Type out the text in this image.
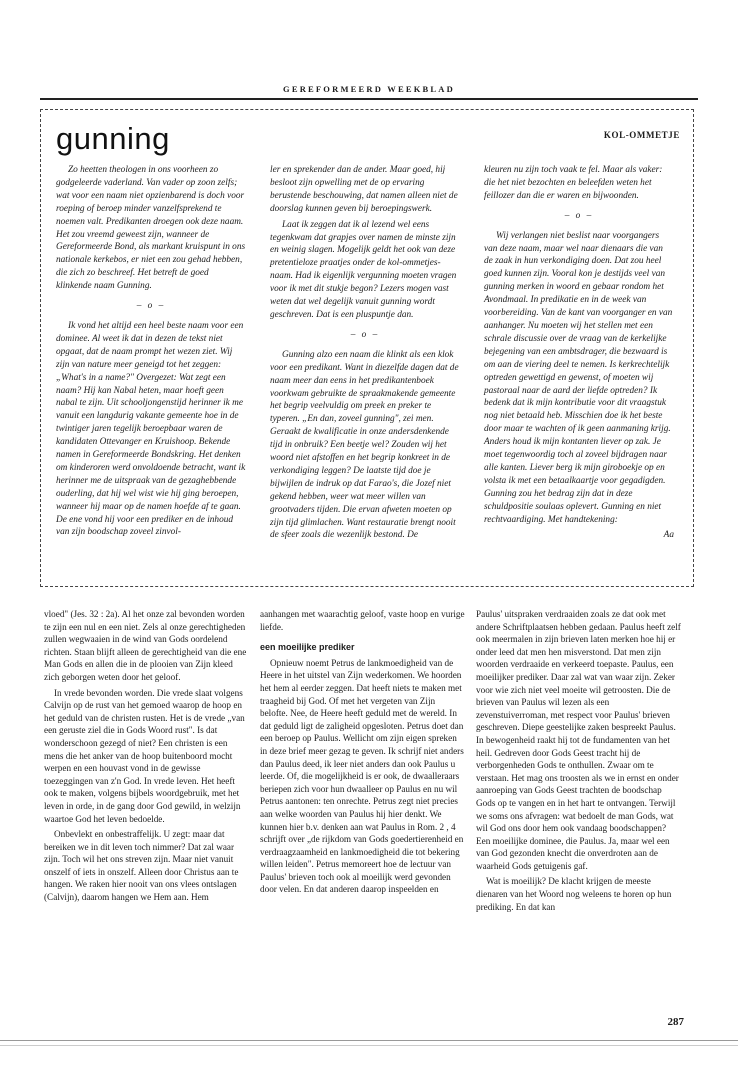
GEREFORMEERD WEEKBLAD
gunning	KOL-OMMETJE

Zo heetten theologen in ons voorheen zo godgeleerde vaderland. Van vader op zoon zelfs; wat voor een naam niet opzienbarend is doch voor roeping of beroep minder vanzelfsprekend te noemen valt. Predikanten droegen ook deze naam. Het zou vreemd geweest zijn, wanneer de Gereformeerde Bond, als markant kruispunt in ons nationale kerkebos, er niet een zou gehad hebben, die zich zo beschreef. Het betreft de goed klinkende naam Gunning.

– o –

Ik vond het altijd een heel beste naam voor een dominee. Al weet ik dat in dezen de tekst niet opgaat, dat de naam prompt het wezen ziet. Wij zijn van nature meer geneigd tot het zeggen: „What's in a name?" Overgezet: Wat zegt een naam? Hij kan Nabal heten, maar hoeft geen nabal te zijn. Uit schooljongenstijd herinner ik me vanuit een langdurig vakante gemeente hoe in de twintiger jaren tegelijk beroepbaar waren de kandidaten Ottevanger en Kruishoop. Bekende namen in Gereformeerde Bondskring. Het denken om kinderoren werd onvoldoende betracht, want ik herinner me de uitspraak van de gezaghebbende ouderling, dat hij wel wist wie hij ging beroepen, wanneer hij maar op de namen hoefde af te gaan. De ene vond hij voor een prediker en de inhoud van zijn boodschap zoveel zinvol-

ler en sprekender dan de ander. Maar goed, hij besloot zijn opwelling met de op ervaring berustende beschouwing, dat namen alleen niet de doorslag kunnen geven bij beroepingswerk.

Laat ik zeggen dat ik al lezend wel eens tegenkwam dat grapjes over namen de minste zijn en weinig slagen. Mogelijk geldt het ook van deze pretentieloze praatjes onder de kol-ommetjes-naam. Had ik eigenlijk vergunning moeten vragen voor ik met dit stukje begon? Lezers mogen vast weten dat wel degelijk vanuit gunning wordt geschreven. Dat is een pluspuntje dan.

– o –

Gunning alzo een naam die klinkt als een klok voor een predikant. Want in diezelfde dagen dat de naam meer dan eens in het predikantenboek voorkwam gebruikte de spraakmakende gemeente het begrip veelvuldig om preek en preker te typeren. „En dan, zoveel gunning", zei men. Geraakt de kwalificatie in onze andersdenkende tijd in onbruik? Een beetje wel? Zouden wij het woord niet afstoffen en het begrip konkreet in de verkondiging leggen? De laatste tijd doe je bijwijlen de indruk op dat Farao's, die Jozef niet gekend hebben, weer wat meer willen van grootvaders tijden. Die ervan afweten moeten op zijn tijd glimlachen. Want restauratie brengt nooit de sfeer zoals die wezenlijk bestond. De

kleuren nu zijn toch vaak te fel. Maar als vaker: die het niet bezochten en beleefden weten het feillozer dan die er waren en bijwoonden.

– o –

Wij verlangen niet beslist naar voorgangers van deze naam, maar wel naar dienaars die van de zaak in hun verkondiging doen. Dat zou heel goed kunnen zijn. Vooral kon je destijds veel van gunning merken in woord en gebaar rondom het Avondmaal. In predikatie en in de week van voorbereiding. Van de kant van voorganger en van aanhanger. Nu moeten wij het stellen met een schrale discussie over de vraag van de kerkelijke bejegening van een ambtsdrager, die bezwaard is om aan de viering deel te nemen. Is kerkrechtelijk optreden gewettigd en gewenst, of moeten wij pastoraal naar de aard der liefde optreden? Ik bedenk dat ik mijn kontributie voor dit vraagstuk nog niet betaald heb. Misschien doe ik het beste door maar te wachten of ik geen aanmaning krijg. Anders houd ik mijn kontanten liever op zak. Je moet tegenwoordig toch al zoveel bijdragen naar alle kanten. Liever berg ik mijn giroboekje op en volsta ik met een betaalkaartje voor gegadigden. Gunning zou het bedrag zijn dat in deze schuldpositie soulaas oplevert. Gunning en niet rechtvaardiging. Met handtekening:

Aa

vloed" (Jes. 32 : 2a). Al het onze zal bevonden worden te zijn een nul en een niet. Zels al onze gerechtigheden zullen wegwaaien in de wind van Gods oordelend richten. Staan blijft alleen de gerechtigheid van die ene Man Gods en allen die in de plooien van Zijn kleed zich geborgen weten door het geloof.

In vrede bevonden worden. Die vrede slaat volgens Calvijn op de rust van het gemoed waarop de hoop en het geduld van de christen rusten. Het is de vrede „van een geruste ziel die in Gods Woord rust". Is dat wonderschoon gezegd of niet? Een christen is een mens die het anker van de hoop buitenboord mocht werpen en een houvast vond in de gewisse toezeggingen van z'n God. In vrede leven. Het heeft ook te maken, volgens bijbels woordgebruik, met het leven in orde, in de gang door God gewild, in welzijn waartoe God het leven bedoelde.

Onbevlekt en onbestraffelijk. U zegt: maar dat bereiken we in dit leven toch nimmer? Dat zal waar zijn. Toch wil het ons streven zijn. Maar niet vanuit onszelf of iets in onszelf. Alleen door Christus aan te hangen. We raken hier nooit van ons vlees ontslagen (Calvijn), daarom hangen we Hem aan. Hem

aanhangen met waarachtig geloof, vaste hoop en vurige liefde.

een moeilijke prediker

Opnieuw noemt Petrus de lankmoedigheid van de Heere in het uitstel van Zijn wederkomen. We hoorden het hem al eerder zeggen. Dat heeft niets te maken met traagheid bij God. Of met het vergeten van Zijn belofte. Nee, de Heere heeft geduld met de wereld. In dat geduld ligt de zaligheid opgesloten. Petrus doet dan een beroep op Paulus. Wellicht om zijn eigen spreken in deze brief meer gezag te geven. Ik schrijf niet anders dan Paulus deed, ik leer niet anders dan ook Paulus u leerde. Of, die mogelijkheid is er ook, de dwaalleraars beriepen zich voor hun dwaalleer op Paulus en nu wil Petrus aantonen: ten onrechte. Petrus zegt niet precies aan welke woorden van Paulus hij hier denkt. We kunnen hier b.v. denken aan wat Paulus in Rom. 2 , 4 schrijft over „de rijkdom van Gods goedertierenheid en verdraagzaamheid en lankmoedigheid die tot bekering willen leiden". Petrus memoreert hoe de lectuur van Paulus' brieven toch ook al moeilijk werd gevonden door velen. En dat anderen daarop inspeelden en

Paulus' uitspraken verdraaiden zoals ze dat ook met andere Schriftplaatsen hebben gedaan. Paulus heeft zelf ook meermalen in zijn brieven laten merken hoe hij er onder leed dat men hen misverstond. Dat men zijn woorden verdraaide en verkeerd toepaste. Paulus, een moeilijker prediker. Daar zal wat van waar zijn. Zeker voor wie zich niet veel moeite wil getroosten. Die de brieven van Paulus wil lezen als een zevenstuiverroman, met respect voor Paulus' brieven geschreven. Diepe geestelijke zaken bespreekt Paulus. In bewogenheid raakt hij tot de fundamenten van het heil. Gedreven door Gods Geest tracht hij de verborgenheden Gods te onthullen. Zwaar om te verstaan. Het mag ons troosten als we in ernst en onder aanroeping van Gods Geest trachten de boodschap Gods op te vangen en in het hart te ontvangen. Terwijl we soms ons afvragen: wat bedoelt de man Gods, wat wil God ons door hem ook vandaag boodschappen? Een moeilijke dominee, die Paulus. Ja, maar wel een van God gezonden knecht die onverdroten aan de waarheid Gods getuigenis gaf.

Wat is moeilijk? De klacht krijgen de meeste dienaren van het Woord nog weleens te horen op hun prediking. En dat kan

287
